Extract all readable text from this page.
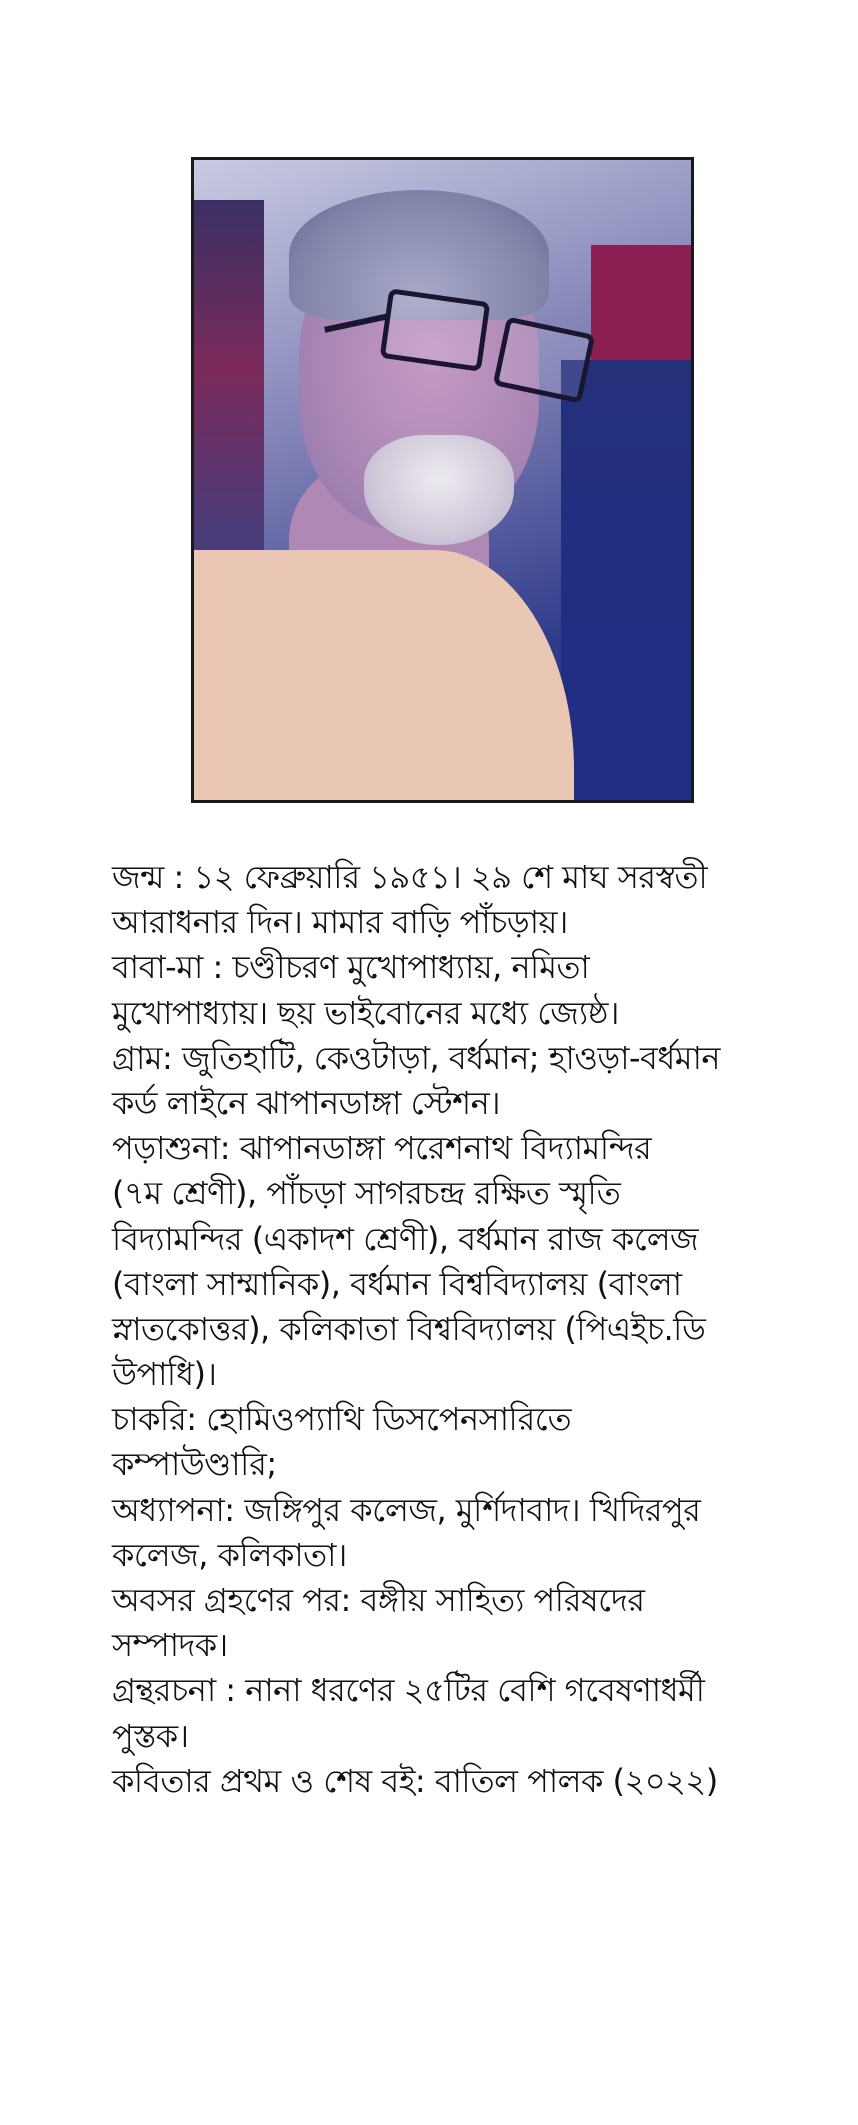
জন্ম : ১২ ফেব্রুয়ারি ১৯৫১। ২৯ শে মাঘ সরস্বতী
আরাধনার দিন। মামার বাড়ি পাঁচড়ায়।
বাবা-মা : চণ্ডীচরণ মুখোপাধ্যায়, নমিতা
মুখোপাধ্যায়। ছয় ভাইবোনের মধ্যে জ্যেষ্ঠ।
গ্রাম: জুতিহাটি, কেওটাড়া, বর্ধমান; হাওড়া-বর্ধমান
কর্ড লাইনে ঝাপানডাঙ্গা স্টেশন।
পড়াশুনা: ঝাপানডাঙ্গা পরেশনাথ বিদ্যামন্দির
(৭ম শ্রেণী), পাঁচড়া সাগরচন্দ্র রক্ষিত স্মৃতি
বিদ্যামন্দির (একাদশ শ্রেণী), বর্ধমান রাজ কলেজ
(বাংলা সাম্মানিক), বর্ধমান বিশ্ববিদ্যালয় (বাংলা
স্নাতকোত্তর), কলিকাতা বিশ্ববিদ্যালয় (পিএইচ.ডি
উপাধি)।
চাকরি: হোমিওপ্যাথি ডিসপেনসারিতে
কম্পাউণ্ডারি;
অধ্যাপনা: জঙ্গিপুর কলেজ, মুর্শিদাবাদ। খিদিরপুর
কলেজ, কলিকাতা।
অবসর গ্রহণের পর: বঙ্গীয় সাহিত্য পরিষদের
সম্পাদক।
গ্রন্থরচনা : নানা ধরণের ২৫টির বেশি গবেষণাধর্মী
পুস্তক।
কবিতার প্রথম ও শেষ বই: বাতিল পালক (২০২২)
